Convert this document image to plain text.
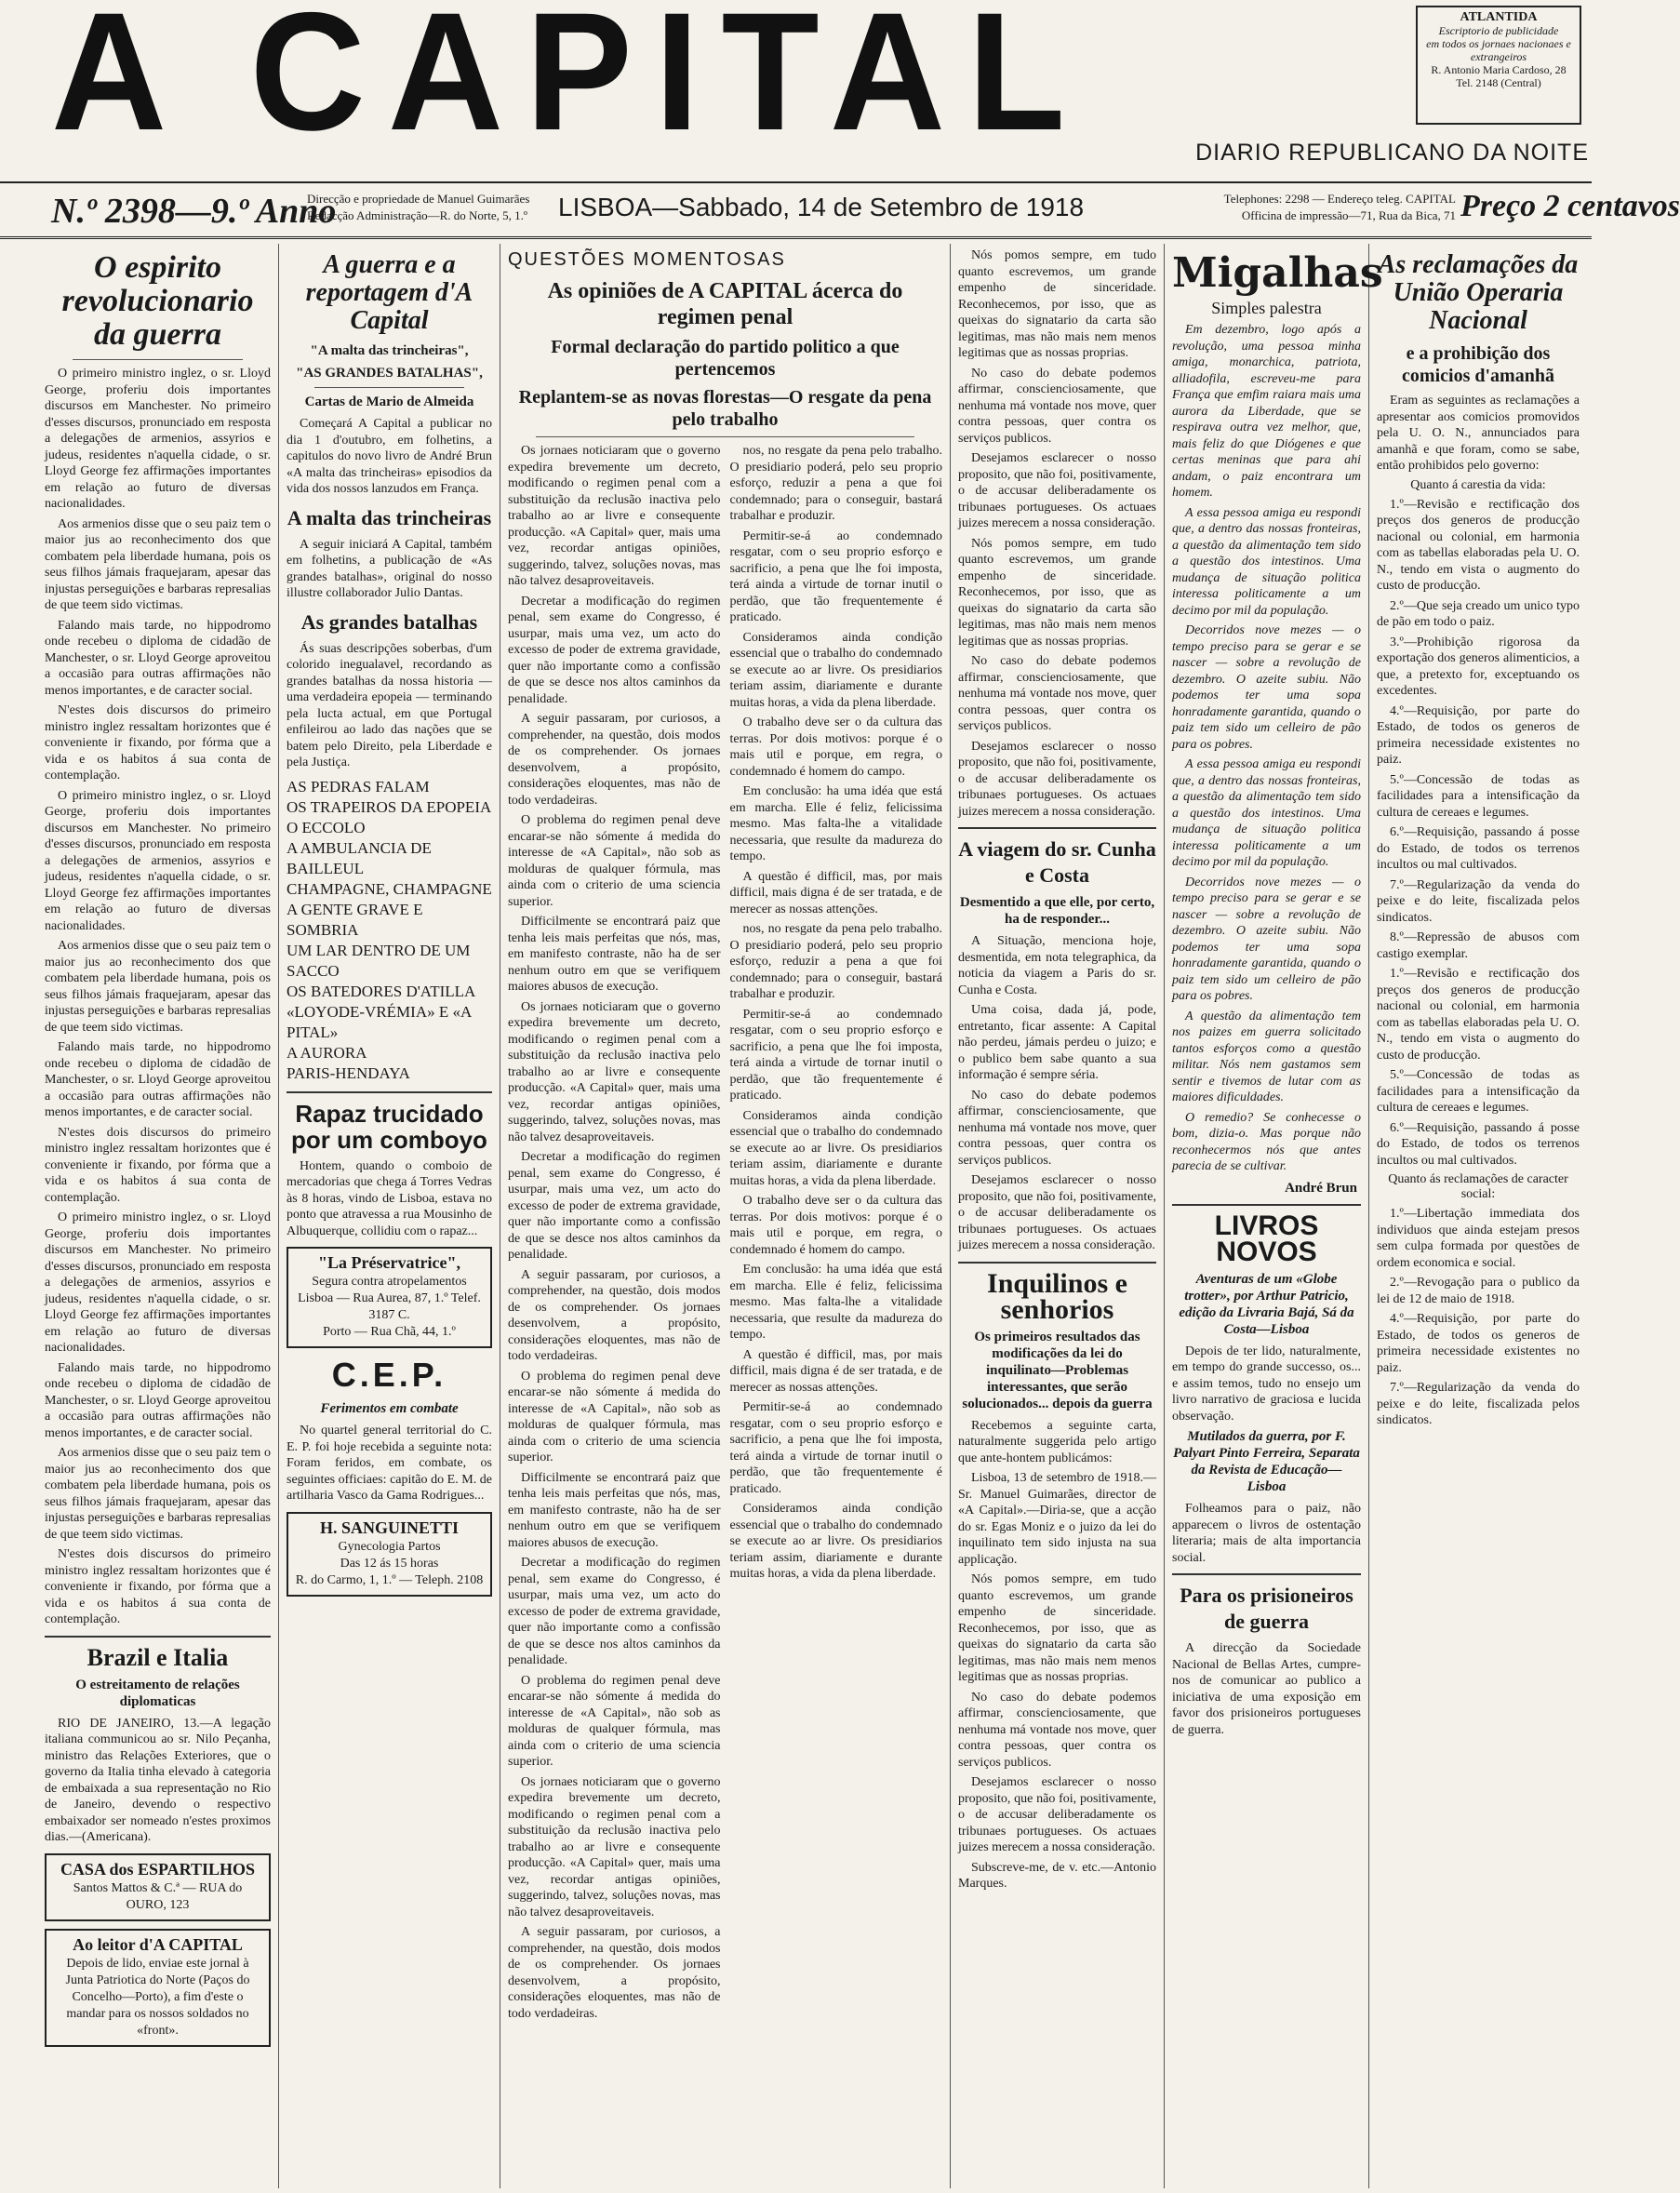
A CAPITAL	ATLANTIDA
Escriptorio de publicidade
em todos os jornaes nacionaes e extrangeiros
R. Antonio Maria Cardoso, 28
Tel. 2148 (Central)
DIARIO REPUBLICANO DA NOITE
N.º 2398—9.º Anno
Direcção e propriedade de Manuel Guimarães
Redacção Administração—R. do Norte, 5, 1.º LISBOA—Sabbado, 14 de Setembro de 1918	Telephones: 2298 — Endereço teleg. CAPITAL
Officina de impressão—71, Rua da Bica, 71 Preço 2 centavos
O espirito revolucionario da guerra

O primeiro ministro inglez, o sr. Lloyd George, proferiu dois importantes discursos em Manchester. No primeiro d'esses discursos, pronunciado em resposta a delegações de armenios, assyrios e judeus, residentes n'aquella cidade, o sr. Lloyd George fez affirmações importantes em relação ao futuro de diversas nacionalidades.

Aos armenios disse que o seu paiz tem o maior jus ao reconhecimento dos que combatem pela liberdade humana, pois os seus filhos jámais fraquejaram, apesar das injustas perseguições e barbaras represalias de que teem sido victimas.

Falando mais tarde, no hippodromo onde recebeu o diploma de cidadão de Manchester, o sr. Lloyd George aproveitou a occasião para outras affirmações não menos importantes, e de caracter social.

N'estes dois discursos do primeiro ministro inglez ressaltam horizontes que é conveniente ir fixando, por fórma que a vida e os habitos á sua conta de contemplação.

O primeiro ministro inglez, o sr. Lloyd George, proferiu dois importantes discursos em Manchester. No primeiro d'esses discursos, pronunciado em resposta a delegações de armenios, assyrios e judeus, residentes n'aquella cidade, o sr. Lloyd George fez affirmações importantes em relação ao futuro de diversas nacionalidades.

Aos armenios disse que o seu paiz tem o maior jus ao reconhecimento dos que combatem pela liberdade humana, pois os seus filhos jámais fraquejaram, apesar das injustas perseguições e barbaras represalias de que teem sido victimas.

Falando mais tarde, no hippodromo onde recebeu o diploma de cidadão de Manchester, o sr. Lloyd George aproveitou a occasião para outras affirmações não menos importantes, e de caracter social.

N'estes dois discursos do primeiro ministro inglez ressaltam horizontes que é conveniente ir fixando, por fórma que a vida e os habitos á sua conta de contemplação.

O primeiro ministro inglez, o sr. Lloyd George, proferiu dois importantes discursos em Manchester. No primeiro d'esses discursos, pronunciado em resposta a delegações de armenios, assyrios e judeus, residentes n'aquella cidade, o sr. Lloyd George fez affirmações importantes em relação ao futuro de diversas nacionalidades.

Falando mais tarde, no hippodromo onde recebeu o diploma de cidadão de Manchester, o sr. Lloyd George aproveitou a occasião para outras affirmações não menos importantes, e de caracter social.

Aos armenios disse que o seu paiz tem o maior jus ao reconhecimento dos que combatem pela liberdade humana, pois os seus filhos jámais fraquejaram, apesar das injustas perseguições e barbaras represalias de que teem sido victimas.

N'estes dois discursos do primeiro ministro inglez ressaltam horizontes que é conveniente ir fixando, por fórma que a vida e os habitos á sua conta de contemplação.

Brazil e Italia
O estreitamento de relações diplomaticas

RIO DE JANEIRO, 13.—A legação italiana communicou ao sr. Nilo Peçanha, ministro das Relações Exteriores, que o governo da Italia tinha elevado à categoria de embaixada a sua representação no Rio de Janeiro, devendo o respectivo embaixador ser nomeado n'estes proximos dias.—(Americana).

CASA dos ESPARTILHOS
Santos Mattos & C.ª — RUA do OURO, 123
Ao leitor d'A CAPITAL
Depois de lido, enviae este jornal à Junta Patriotica do Norte (Paços do Concelho—Porto), a fim d'este o mandar para os nossos soldados no «front».
A guerra e a reportagem d'A Capital
"A malta das trincheiras",
"AS GRANDES BATALHAS",
Cartas de Mario de Almeida

Começará A Capital a publicar no dia 1 d'outubro, em folhetins, a capitulos do novo livro de André Brun «A malta das trincheiras» episodios da vida dos nossos lanzudos em França.

A malta das trincheiras

A seguir iniciará A Capital, também em folhetins, a publicação de «As grandes batalhas», original do nosso illustre collaborador Julio Dantas.

As grandes batalhas

Ás suas descripções soberbas, d'um colorido inegualavel, recordando as grandes batalhas da nossa historia — uma verdadeira epopeia — terminando pela lucta actual, em que Portugal enfileirou ao lado das nações que se batem pelo Direito, pela Liberdade e pela Justiça.

AS PEDRAS FALAM
OS TRAPEIROS DA EPOPEIA
O ECCOLO
A AMBULANCIA DE BAILLEUL
CHAMPAGNE, CHAMPAGNE
A GENTE GRAVE E SOMBRIA
UM LAR DENTRO DE UM SACCO
OS BATEDORES D'ATILLA
«LOYODE-VRÉMIA» E «A PITAL»
A AURORA
PARIS-HENDAYA
Rapaz trucidado por um comboyo

Hontem, quando o comboio de mercadorias que chega á Torres Vedras às 8 horas, vindo de Lisboa, estava no ponto que atravessa a rua Mousinho de Albuquerque, collidiu com o rapaz...

"La Préservatrice",
Segura contra atropelamentos
Lisboa — Rua Aurea, 87, 1.º Telef. 3187 C.
Porto — Rua Chã, 44, 1.º
C.E.P.
Ferimentos em combate

No quartel general territorial do C. E. P. foi hoje recebida a seguinte nota: Foram feridos, em combate, os seguintes officiaes: capitão do E. M. de artilharia Vasco da Gama Rodrigues...

H. SANGUINETTI Gynecologia Partos
Das 12 ás 15 horas
R. do Carmo, 1, 1.º — Teleph. 2108
QUESTÕES MOMENTOSAS
As opiniões de A CAPITAL ácerca do regimen penal
Formal declaração do partido politico a que pertencemos
Replantem-se as novas florestas—O resgate da pena pelo trabalho

Os jornaes noticiaram que o governo expedira brevemente um decreto, modificando o regimen penal com a substituição da reclusão inactiva pelo trabalho ao ar livre e consequente producção. «A Capital» quer, mais uma vez, recordar antigas opiniões, suggerindo, talvez, soluções novas, mas não talvez desaproveitaveis.

Decretar a modificação do regimen penal, sem exame do Congresso, é usurpar, mais uma vez, um acto do excesso de poder de extrema gravidade, quer não importante como a confissão de que se desce nos altos caminhos da penalidade.

A seguir passaram, por curiosos, a comprehender, na questão, dois modos de os comprehender. Os jornaes desenvolvem, a propósito, considerações eloquentes, mas não de todo verdadeiras.

O problema do regimen penal deve encarar-se não sómente á medida do interesse de «A Capital», não sob as molduras de qualquer fórmula, mas ainda com o criterio de uma sciencia superior.

Difficilmente se encontrará paiz que tenha leis mais perfeitas que nós, mas, em manifesto contraste, não ha de ser nenhum outro em que se verifiquem maiores abusos de execução.

Os jornaes noticiaram que o governo expedira brevemente um decreto, modificando o regimen penal com a substituição da reclusão inactiva pelo trabalho ao ar livre e consequente producção. «A Capital» quer, mais uma vez, recordar antigas opiniões, suggerindo, talvez, soluções novas, mas não talvez desaproveitaveis.

Decretar a modificação do regimen penal, sem exame do Congresso, é usurpar, mais uma vez, um acto do excesso de poder de extrema gravidade, quer não importante como a confissão de que se desce nos altos caminhos da penalidade.

A seguir passaram, por curiosos, a comprehender, na questão, dois modos de os comprehender. Os jornaes desenvolvem, a propósito, considerações eloquentes, mas não de todo verdadeiras.

O problema do regimen penal deve encarar-se não sómente á medida do interesse de «A Capital», não sob as molduras de qualquer fórmula, mas ainda com o criterio de uma sciencia superior.

Difficilmente se encontrará paiz que tenha leis mais perfeitas que nós, mas, em manifesto contraste, não ha de ser nenhum outro em que se verifiquem maiores abusos de execução.

Decretar a modificação do regimen penal, sem exame do Congresso, é usurpar, mais uma vez, um acto do excesso de poder de extrema gravidade, quer não importante como a confissão de que se desce nos altos caminhos da penalidade.

O problema do regimen penal deve encarar-se não sómente á medida do interesse de «A Capital», não sob as molduras de qualquer fórmula, mas ainda com o criterio de uma sciencia superior.

Os jornaes noticiaram que o governo expedira brevemente um decreto, modificando o regimen penal com a substituição da reclusão inactiva pelo trabalho ao ar livre e consequente producção. «A Capital» quer, mais uma vez, recordar antigas opiniões, suggerindo, talvez, soluções novas, mas não talvez desaproveitaveis.

A seguir passaram, por curiosos, a comprehender, na questão, dois modos de os comprehender. Os jornaes desenvolvem, a propósito, considerações eloquentes, mas não de todo verdadeiras.

nos, no resgate da pena pelo trabalho. O presidiario poderá, pelo seu proprio esforço, reduzir a pena a que foi condemnado; para o conseguir, bastará trabalhar e produzir.

Permitir-se-á ao condemnado resgatar, com o seu proprio esforço e sacrificio, a pena que lhe foi imposta, terá ainda a virtude de tornar inutil o perdão, que tão frequentemente é praticado.

Consideramos ainda condição essencial que o trabalho do condemnado se execute ao ar livre. Os presidiarios teriam assim, diariamente e durante muitas horas, a vida da plena liberdade.

O trabalho deve ser o da cultura das terras. Por dois motivos: porque é o mais util e porque, em regra, o condemnado é homem do campo.

Em conclusão: ha uma idéa que está em marcha. Elle é feliz, felicissima mesmo. Mas falta-lhe a vitalidade necessaria, que resulte da madureza do tempo.

A questão é difficil, mas, por mais difficil, mais digna é de ser tratada, e de merecer as nossas attenções.

nos, no resgate da pena pelo trabalho. O presidiario poderá, pelo seu proprio esforço, reduzir a pena a que foi condemnado; para o conseguir, bastará trabalhar e produzir.

Permitir-se-á ao condemnado resgatar, com o seu proprio esforço e sacrificio, a pena que lhe foi imposta, terá ainda a virtude de tornar inutil o perdão, que tão frequentemente é praticado.

Consideramos ainda condição essencial que o trabalho do condemnado se execute ao ar livre. Os presidiarios teriam assim, diariamente e durante muitas horas, a vida da plena liberdade.

O trabalho deve ser o da cultura das terras. Por dois motivos: porque é o mais util e porque, em regra, o condemnado é homem do campo.

Em conclusão: ha uma idéa que está em marcha. Elle é feliz, felicissima mesmo. Mas falta-lhe a vitalidade necessaria, que resulte da madureza do tempo.

A questão é difficil, mas, por mais difficil, mais digna é de ser tratada, e de merecer as nossas attenções.

Permitir-se-á ao condemnado resgatar, com o seu proprio esforço e sacrificio, a pena que lhe foi imposta, terá ainda a virtude de tornar inutil o perdão, que tão frequentemente é praticado.

Consideramos ainda condição essencial que o trabalho do condemnado se execute ao ar livre. Os presidiarios teriam assim, diariamente e durante muitas horas, a vida da plena liberdade.

Nós pomos sempre, em tudo quanto escrevemos, um grande empenho de sinceridade. Reconhecemos, por isso, que as queixas do signatario da carta são legitimas, mas não mais nem menos legitimas que as nossas proprias.

No caso do debate podemos affirmar, conscienciosamente, que nenhuma má vontade nos move, quer contra pessoas, quer contra os serviços publicos.

Desejamos esclarecer o nosso proposito, que não foi, positivamente, o de accusar deliberadamente os tribunaes portugueses. Os actuaes juizes merecem a nossa consideração.

Nós pomos sempre, em tudo quanto escrevemos, um grande empenho de sinceridade. Reconhecemos, por isso, que as queixas do signatario da carta são legitimas, mas não mais nem menos legitimas que as nossas proprias.

No caso do debate podemos affirmar, conscienciosamente, que nenhuma má vontade nos move, quer contra pessoas, quer contra os serviços publicos.

Desejamos esclarecer o nosso proposito, que não foi, positivamente, o de accusar deliberadamente os tribunaes portugueses. Os actuaes juizes merecem a nossa consideração.

A viagem do sr. Cunha e Costa
Desmentido a que elle, por certo, ha de responder...

A Situação, menciona hoje, desmentida, em nota telegraphica, da noticia da viagem a Paris do sr. Cunha e Costa.

Uma coisa, dada já, pode, entretanto, ficar assente: A Capital não perdeu, jámais perdeu o juizo; e o publico bem sabe quanto a sua informação é sempre séria.

No caso do debate podemos affirmar, conscienciosamente, que nenhuma má vontade nos move, quer contra pessoas, quer contra os serviços publicos.

Desejamos esclarecer o nosso proposito, que não foi, positivamente, o de accusar deliberadamente os tribunaes portugueses. Os actuaes juizes merecem a nossa consideração.

Inquilinos e senhorios
Os primeiros resultados das modificações da lei do inquilinato—Problemas interessantes, que serão solucionados... depois da guerra

Recebemos a seguinte carta, naturalmente suggerida pelo artigo que ante-hontem publicámos:

Lisboa, 13 de setembro de 1918.—Sr. Manuel Guimarães, director de «A Capital».—Diria-se, que a acção do sr. Egas Moniz e o juizo da lei do inquilinato tem sido injusta na sua applicação.

Nós pomos sempre, em tudo quanto escrevemos, um grande empenho de sinceridade. Reconhecemos, por isso, que as queixas do signatario da carta são legitimas, mas não mais nem menos legitimas que as nossas proprias.

No caso do debate podemos affirmar, conscienciosamente, que nenhuma má vontade nos move, quer contra pessoas, quer contra os serviços publicos.

Desejamos esclarecer o nosso proposito, que não foi, positivamente, o de accusar deliberadamente os tribunaes portugueses. Os actuaes juizes merecem a nossa consideração.

Subscreve-me, de v. etc.—Antonio Marques.

Migalhas
Simples palestra

Em dezembro, logo após a revolução, uma pessoa minha amiga, monarchica, patriota, alliadofila, escreveu-me para França que emfim raiara mais uma aurora da Liberdade, que se respirava outra vez melhor, que, mais feliz do que Diógenes e que certas meninas que para ahi andam, o paiz encontrara um homem.

A essa pessoa amiga eu respondi que, a dentro das nossas fronteiras, a questão da alimentação tem sido a questão dos intestinos. Uma mudança de situação politica interessa politicamente a um decimo por mil da população.

Decorridos nove mezes — o tempo preciso para se gerar e se nascer — sobre a revolução de dezembro. O azeite subiu. Não podemos ter uma sopa honradamente garantida, quando o paiz tem sido um celleiro de pão para os pobres.

A essa pessoa amiga eu respondi que, a dentro das nossas fronteiras, a questão da alimentação tem sido a questão dos intestinos. Uma mudança de situação politica interessa politicamente a um decimo por mil da população.

Decorridos nove mezes — o tempo preciso para se gerar e se nascer — sobre a revolução de dezembro. O azeite subiu. Não podemos ter uma sopa honradamente garantida, quando o paiz tem sido um celleiro de pão para os pobres.

A questão da alimentação tem nos paizes em guerra solicitado tantos esforços como a questão militar. Nós nem gastamos sem sentir e tivemos de lutar com as maiores dificuldades.

O remedio? Se conhecesse o bom, dizia-o. Mas porque não reconhecermos nós que antes parecia de se cultivar.

André Brun
LIVROS NOVOS
Aventuras de um «Globe trotter», por Arthur Patricio, edição da Livraria Bajá, Sá da Costa—Lisboa

Depois de ter lido, naturalmente, em tempo do grande successo, os... e assim temos, tudo no ensejo um livro narrativo de graciosa e lucida observação.

Mutilados da guerra, por F. Palyart Pinto Ferreira, Separata da Revista de Educação—Lisboa

Folheamos para o paiz, não apparecem o livros de ostentação literaria; mais de alta importancia social.

Para os prisioneiros de guerra

A direcção da Sociedade Nacional de Bellas Artes, cumpre-nos de comunicar ao publico a iniciativa de uma exposição em favor dos prisioneiros portugueses de guerra.

As reclamações da União Operaria Nacional
e a prohibição dos comicios d'amanhã

Eram as seguintes as reclamações a apresentar aos comicios promovidos pela U. O. N., annunciados para amanhã e que foram, como se sabe, então prohibidos pelo governo:

Quanto á carestia da vida:

1.º—Revisão e rectificação dos preços dos generos de producção nacional ou colonial, em harmonia com as tabellas elaboradas pela U. O. N., tendo em vista o augmento do custo de producção.

2.º—Que seja creado um unico typo de pão em todo o paiz.

3.º—Prohibição rigorosa da exportação dos generos alimenticios, a que, a pretexto for, exceptuando os excedentes.

4.º—Requisição, por parte do Estado, de todos os generos de primeira necessidade existentes no paiz.

5.º—Concessão de todas as facilidades para a intensificação da cultura de cereaes e legumes.

6.º—Requisição, passando á posse do Estado, de todos os terrenos incultos ou mal cultivados.

7.º—Regularização da venda do peixe e do leite, fiscalizada pelos sindicatos.

8.º—Repressão de abusos com castigo exemplar.

1.º—Revisão e rectificação dos preços dos generos de producção nacional ou colonial, em harmonia com as tabellas elaboradas pela U. O. N., tendo em vista o augmento do custo de producção.

5.º—Concessão de todas as facilidades para a intensificação da cultura de cereaes e legumes.

6.º—Requisição, passando á posse do Estado, de todos os terrenos incultos ou mal cultivados.

Quanto ás reclamações de caracter social:

1.º—Libertação immediata dos individuos que ainda estejam presos sem culpa formada por questões de ordem economica e social.

2.º—Revogação para o publico da lei de 12 de maio de 1918.

4.º—Requisição, por parte do Estado, de todos os generos de primeira necessidade existentes no paiz.

7.º—Regularização da venda do peixe e do leite, fiscalizada pelos sindicatos.
